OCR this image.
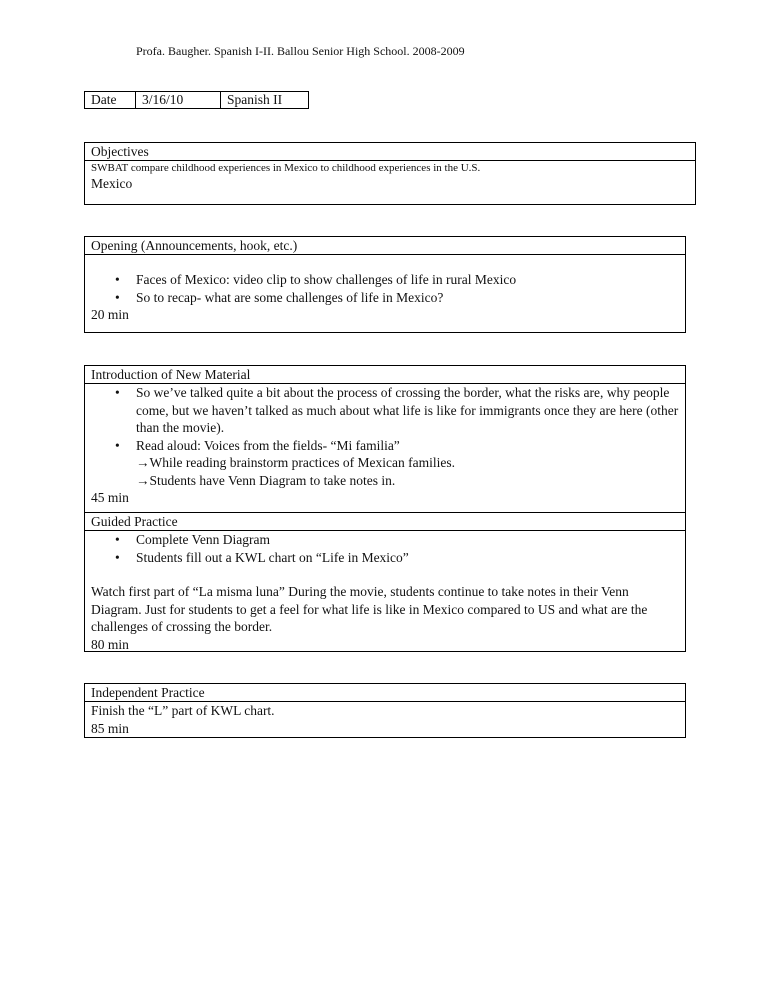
Profa. Baugher. Spanish I-II. Ballou Senior High School. 2008-2009
Date	3/16/10	Spanish II
Objectives
SWBAT compare childhood experiences in Mexico to childhood experiences in the U.S.
Mexico
Opening (Announcements, hook, etc.)
• Faces of Mexico: video clip to show challenges of life in rural Mexico
• So to recap- what are some challenges of life in Mexico?
20 min
Introduction of New Material
• So we’ve talked quite a bit about the process of crossing the border, what the risks are, why people come, but we haven’t talked as much about what life is like for immigrants once they are here (other than the movie).
• Read aloud: Voices from the fields- “Mi familia”
→While reading brainstorm practices of Mexican families.
→Students have Venn Diagram to take notes in.
45 min
Guided Practice
• Complete Venn Diagram
• Students fill out a KWL chart on “Life in Mexico”
Watch first part of “La misma luna” During the movie, students continue to take notes in their Venn Diagram. Just for students to get a feel for what life is like in Mexico compared to US and what are the challenges of crossing the border.
80 min
Independent Practice
Finish the “L” part of KWL chart.
85 min
